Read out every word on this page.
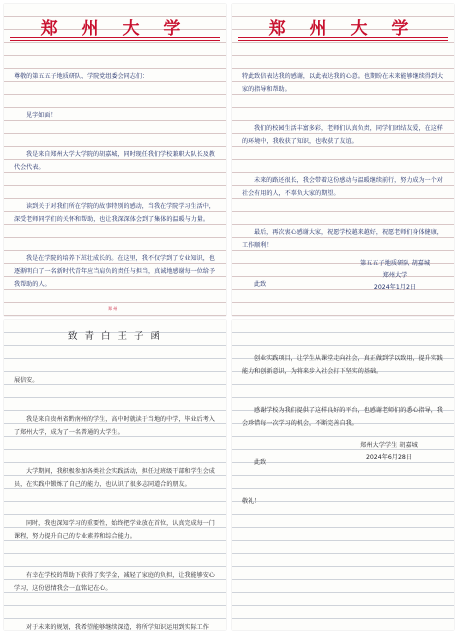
郑 州 大 学

尊敬的第五五子地质研队、学院党组委会同志们：

见字如面！

我是来自郑州大学大学院的胡嘉城，同时现任我们学校兼职大队长及教代会代表。

读到关于对我们所在学院的故事特别的感动，当我在学院学习生活中，深受老师同学们的关怀和帮助，也让我深深体会到了集体的温暖与力量。

我是在学院的培养下茁壮成长的。在这里，我不仅学到了专业知识，也逐渐明白了一名新时代青年应当肩负的责任与担当，真诚地感谢每一位给予我帮助的人。

郑 州
郑 州 大 学

特此致信表达我的感谢，以此表达我的心意。也期盼在未来能够继续得到大家的指导和帮助。

我们的校园生活丰富多彩，老师们认真负责，同学们团结友爱，在这样的环境中，我收获了知识，也收获了友谊。

未来的路还很长，我会带着这份感动与温暖继续前行，努力成为一个对社会有用的人，不辜负大家的期望。

最后，再次衷心感谢大家，祝愿学校越来越好，祝愿老师们身体健康，工作顺利！

此致

第五五子地质研队 胡嘉城
郑州大学
2024年1月2日
致 青 白 王 子 函

展信安。

我是来自贵州省黔南州的学生，高中时就读于当地的中学，毕业后考入了郑州大学，成为了一名普通的大学生。

大学期间，我积极参加各类社会实践活动，担任过班级干部和学生会成员，在实践中锻炼了自己的能力，也认识了很多志同道合的朋友。

同时，我也深知学习的重要性，始终把学业放在首位，认真完成每一门课程，努力提升自己的专业素养和综合能力。

有幸在学校的帮助下获得了奖学金，减轻了家庭的负担，让我能够安心学习，这份恩情我会一直铭记在心。

对于未来的规划，我希望能够继续深造，将所学知识运用到实际工作

创业实践项目，让学生从课堂走向社会，真正做到学以致用，提升实践能力和创新意识，为将来步入社会打下坚实的基础。

感谢学校为我们提供了这样良好的平台，也感谢老师们的悉心指导，我会珍惜每一次学习的机会，不断完善自我。

此致

敬礼！

郑州大学学生 胡嘉城
2024年6月28日
